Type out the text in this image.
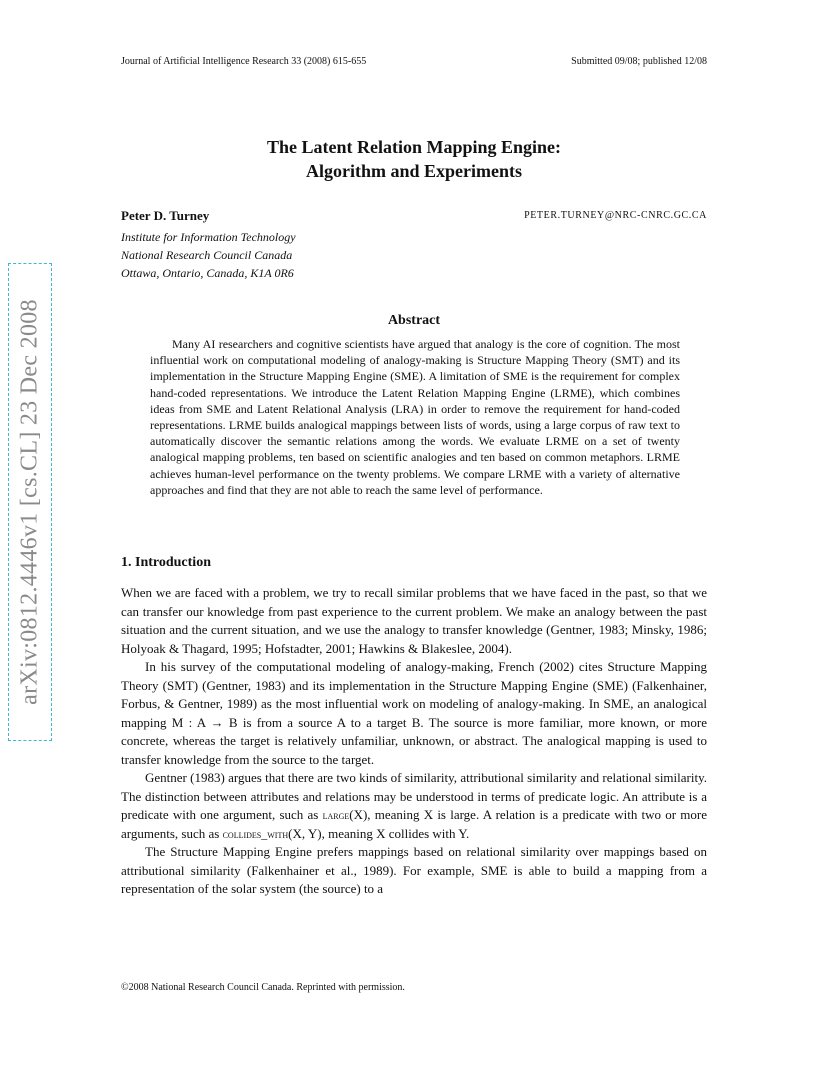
Journal of Artificial Intelligence Research 33 (2008) 615-655	Submitted 09/08; published 12/08
The Latent Relation Mapping Engine:
Algorithm and Experiments
Peter D. Turney	PETER.TURNEY@NRC-CNRC.GC.CA
Institute for Information Technology
National Research Council Canada
Ottawa, Ontario, Canada, K1A 0R6
Abstract
Many AI researchers and cognitive scientists have argued that analogy is the core of cognition. The most influential work on computational modeling of analogy-making is Structure Mapping Theory (SMT) and its implementation in the Structure Mapping Engine (SME). A limitation of SME is the requirement for complex hand-coded representations. We introduce the Latent Relation Mapping Engine (LRME), which combines ideas from SME and Latent Relational Analysis (LRA) in order to remove the requirement for hand-coded representations. LRME builds analogical mappings between lists of words, using a large corpus of raw text to automatically discover the semantic relations among the words. We evaluate LRME on a set of twenty analogical mapping problems, ten based on scientific analogies and ten based on common metaphors. LRME achieves human-level performance on the twenty problems. We compare LRME with a variety of alternative approaches and find that they are not able to reach the same level of performance.
1. Introduction

When we are faced with a problem, we try to recall similar problems that we have faced in the past, so that we can transfer our knowledge from past experience to the current problem. We make an analogy between the past situation and the current situation, and we use the analogy to transfer knowledge (Gentner, 1983; Minsky, 1986; Holyoak & Thagard, 1995; Hofstadter, 2001; Hawkins & Blakeslee, 2004).

In his survey of the computational modeling of analogy-making, French (2002) cites Structure Mapping Theory (SMT) (Gentner, 1983) and its implementation in the Structure Mapping Engine (SME) (Falkenhainer, Forbus, & Gentner, 1989) as the most influential work on modeling of analogy-making. In SME, an analogical mapping M : A → B is from a source A to a target B. The source is more familiar, more known, or more concrete, whereas the target is relatively unfamiliar, unknown, or abstract. The analogical mapping is used to transfer knowledge from the source to the target.

Gentner (1983) argues that there are two kinds of similarity, attributional similarity and relational similarity. The distinction between attributes and relations may be understood in terms of predicate logic. An attribute is a predicate with one argument, such as large(X), meaning X is large. A relation is a predicate with two or more arguments, such as collides_with(X, Y), meaning X collides with Y.

The Structure Mapping Engine prefers mappings based on relational similarity over mappings based on attributional similarity (Falkenhainer et al., 1989). For example, SME is able to build a mapping from a representation of the solar system (the source) to a

©2008 National Research Council Canada. Reprinted with permission.
arXiv:0812.4446v1 [cs.CL] 23 Dec 2008
